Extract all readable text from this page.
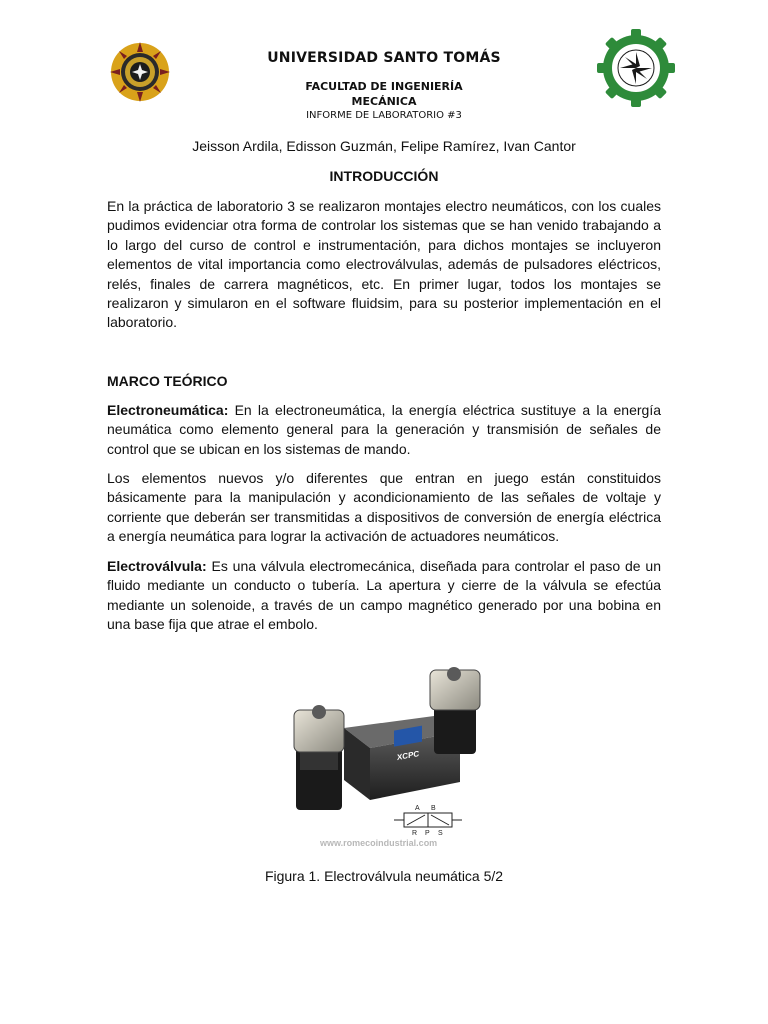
UNIVERSIDAD SANTO TOMÁS
FACULTAD DE INGENIERÍA
MECÁNICA
INFORME DE LABORATORIO #3
Jeisson Ardila, Edisson Guzmán, Felipe Ramírez, Ivan Cantor
INTRODUCCIÓN
En la práctica de laboratorio 3 se realizaron montajes electro neumáticos, con los cuales pudimos evidenciar otra forma de controlar los sistemas que se han venido trabajando a lo largo del curso de control e instrumentación, para dichos montajes se incluyeron elementos de vital importancia como electroválvulas, además de pulsadores eléctricos, relés, finales de carrera magnéticos, etc. En primer lugar, todos los montajes se realizaron y simularon en el software fluidsim, para su posterior implementación en el laboratorio.
MARCO TEÓRICO
Electroneumática: En la electroneumática, la energía eléctrica sustituye a la energía neumática como elemento general para la generación y transmisión de señales de control que se ubican en los sistemas de mando.
Los elementos nuevos y/o diferentes que entran en juego están constituidos básicamente para la manipulación y acondicionamiento de las señales de voltaje y corriente que deberán ser transmitidas a dispositivos de conversión de energía eléctrica a energía neumática para lograr la activación de actuadores neumáticos.
Electroválvula: Es una válvula electromecánica, diseñada para controlar el paso de un fluido mediante un conducto o tubería. La apertura y cierre de la válvula se efectúa mediante un solenoide, a través de un campo magnético generado por una bobina en una base fija que atrae el embolo.
XCPC
A B
R P S
www.romecoindustrial.com
Figura 1. Electroválvula neumática 5/2
